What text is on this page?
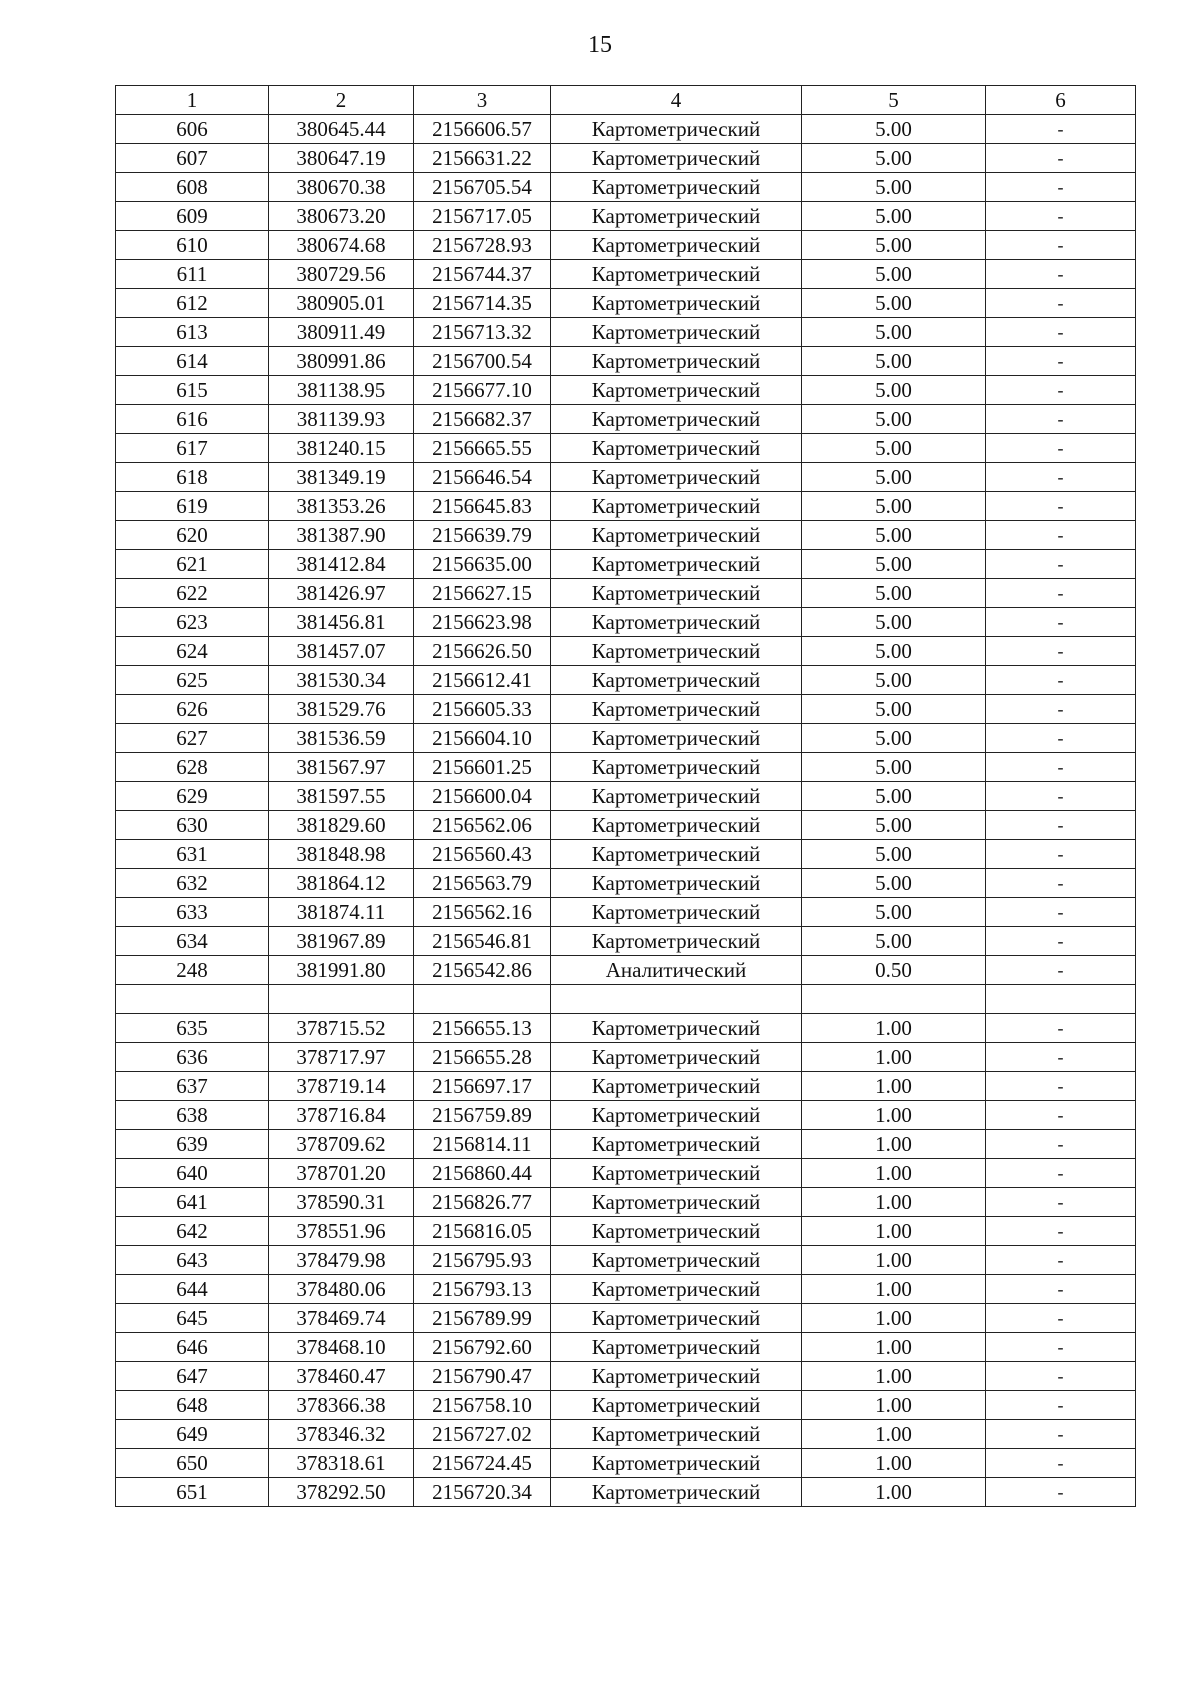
15
1	2	3	4	5	6
606	380645.44	2156606.57	Картометрический	5.00	-
607	380647.19	2156631.22	Картометрический	5.00	-
608	380670.38	2156705.54	Картометрический	5.00	-
609	380673.20	2156717.05	Картометрический	5.00	-
610	380674.68	2156728.93	Картометрический	5.00	-
611	380729.56	2156744.37	Картометрический	5.00	-
612	380905.01	2156714.35	Картометрический	5.00	-
613	380911.49	2156713.32	Картометрический	5.00	-
614	380991.86	2156700.54	Картометрический	5.00	-
615	381138.95	2156677.10	Картометрический	5.00	-
616	381139.93	2156682.37	Картометрический	5.00	-
617	381240.15	2156665.55	Картометрический	5.00	-
618	381349.19	2156646.54	Картометрический	5.00	-
619	381353.26	2156645.83	Картометрический	5.00	-
620	381387.90	2156639.79	Картометрический	5.00	-
621	381412.84	2156635.00	Картометрический	5.00	-
622	381426.97	2156627.15	Картометрический	5.00	-
623	381456.81	2156623.98	Картометрический	5.00	-
624	381457.07	2156626.50	Картометрический	5.00	-
625	381530.34	2156612.41	Картометрический	5.00	-
626	381529.76	2156605.33	Картометрический	5.00	-
627	381536.59	2156604.10	Картометрический	5.00	-
628	381567.97	2156601.25	Картометрический	5.00	-
629	381597.55	2156600.04	Картометрический	5.00	-
630	381829.60	2156562.06	Картометрический	5.00	-
631	381848.98	2156560.43	Картометрический	5.00	-
632	381864.12	2156563.79	Картометрический	5.00	-
633	381874.11	2156562.16	Картометрический	5.00	-
634	381967.89	2156546.81	Картометрический	5.00	-
248	381991.80	2156542.86	Аналитический	0.50	-

635	378715.52	2156655.13	Картометрический	1.00	-
636	378717.97	2156655.28	Картометрический	1.00	-
637	378719.14	2156697.17	Картометрический	1.00	-
638	378716.84	2156759.89	Картометрический	1.00	-
639	378709.62	2156814.11	Картометрический	1.00	-
640	378701.20	2156860.44	Картометрический	1.00	-
641	378590.31	2156826.77	Картометрический	1.00	-
642	378551.96	2156816.05	Картометрический	1.00	-
643	378479.98	2156795.93	Картометрический	1.00	-
644	378480.06	2156793.13	Картометрический	1.00	-
645	378469.74	2156789.99	Картометрический	1.00	-
646	378468.10	2156792.60	Картометрический	1.00	-
647	378460.47	2156790.47	Картометрический	1.00	-
648	378366.38	2156758.10	Картометрический	1.00	-
649	378346.32	2156727.02	Картометрический	1.00	-
650	378318.61	2156724.45	Картометрический	1.00	-
651	378292.50	2156720.34	Картометрический	1.00	-
